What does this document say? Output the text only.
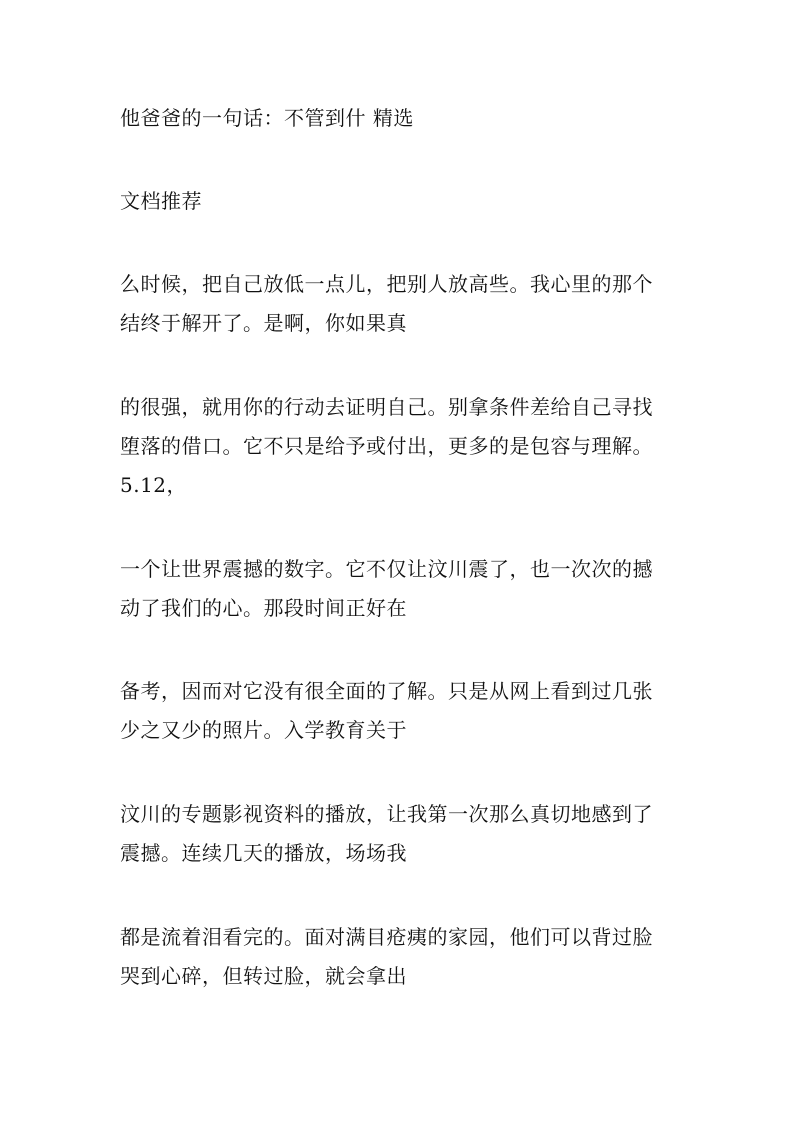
他爸爸的一句话：不管到什 精选
文档推荐
么时候，把自己放低一点儿，把别人放高些。我心里的那个
结终于解开了。是啊，你如果真
的很强，就用你的行动去证明自己。别拿条件差给自己寻找
堕落的借口。它不只是给予或付出，更多的是包容与理解。
5.12，
一个让世界震撼的数字。它不仅让汶川震了，也一次次的撼
动了我们的心。那段时间正好在
备考，因而对它没有很全面的了解。只是从网上看到过几张
少之又少的照片。入学教育关于
汶川的专题影视资料的播放，让我第一次那么真切地感到了
震撼。连续几天的播放，场场我
都是流着泪看完的。面对满目疮痍的家园，他们可以背过脸
哭到心碎，但转过脸，就会拿出
